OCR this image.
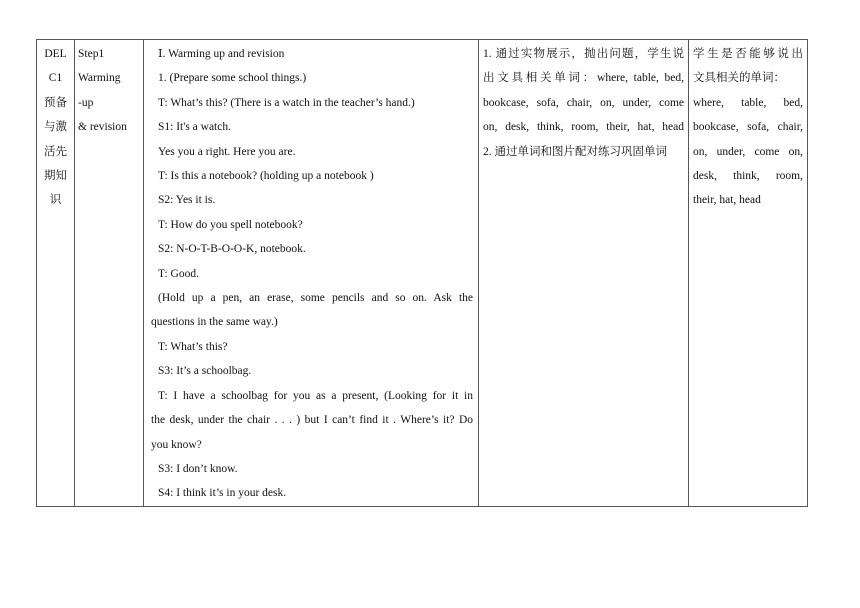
DEL
C1
预备
与激
活先
期知
识

Step1
Warming
-up
& revision

Ⅰ. Warming up and revision
1. (Prepare some school things.)
T: What’s this? (There is a watch in the teacher’s hand.)
S1: It's a watch.
Yes you a right. Here you are.
T: Is this a notebook? (holding up a notebook )
S2: Yes it is.
T: How do you spell notebook?
S2: N-O-T-B-O-O-K, notebook.
T: Good.
(Hold up a pen, an erase, some pencils and so on. Ask the
questions in the same way.)
T: What’s this?
S3: It’s a schoolbag.
T: I have a schoolbag for you as a present, (Looking for it in
the desk, under the chair . . . ) but I can’t find it . Where’s it? Do
you know?
S3: I don’t know.
S4: I think it’s in your desk.

1. 通过实物展示，抛出问题，学生说
出文具相关单词：where, table, bed,
bookcase, sofa, chair, on, under, come
on, desk, think, room, their, hat, head
2. 通过单词和图片配对练习巩固单词

学生是否能够说出
文具相关的单词：
where, table, bed,
bookcase, sofa, chair,
on, under, come on,
desk, think, room,
their, hat, head
